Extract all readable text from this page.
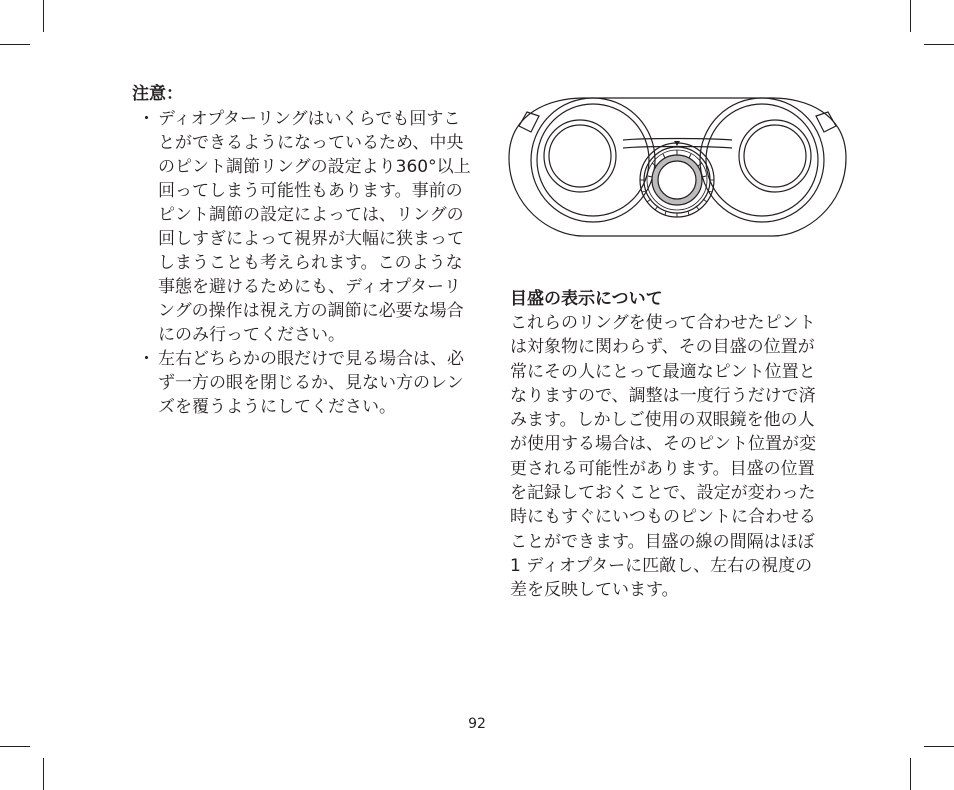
注意：
・ ディオプターリングはいくらでも回すことができるようになっているため、中央のピント調節リングの設定より360°以上回ってしまう可能性もあります。事前のピント調節の設定によっては、リングの回しすぎによって視界が大幅に狭まってしまうことも考えられます。このような事態を避けるためにも、ディオプターリングの操作は視え方の調節に必要な場合にのみ行ってください。
・ 左右どちらかの眼だけで見る場合は、必ず一方の眼を閉じるか、見ない方のレンズを覆うようにしてください。
目盛の表示について
これらのリングを使って合わせたピント
は対象物に関わらず、その目盛の位置が
常にその人にとって最適なピント位置と
なりますので、調整は一度行うだけで済
みます。しかしご使用の双眼鏡を他の人
が使用する場合は、そのピント位置が変
更される可能性があります。目盛の位置
を記録しておくことで、設定が変わった
時にもすぐにいつものピントに合わせる
ことができます。目盛の線の間隔はほぼ
1 ディオプターに匹敵し、左右の視度の
差を反映しています。
92
